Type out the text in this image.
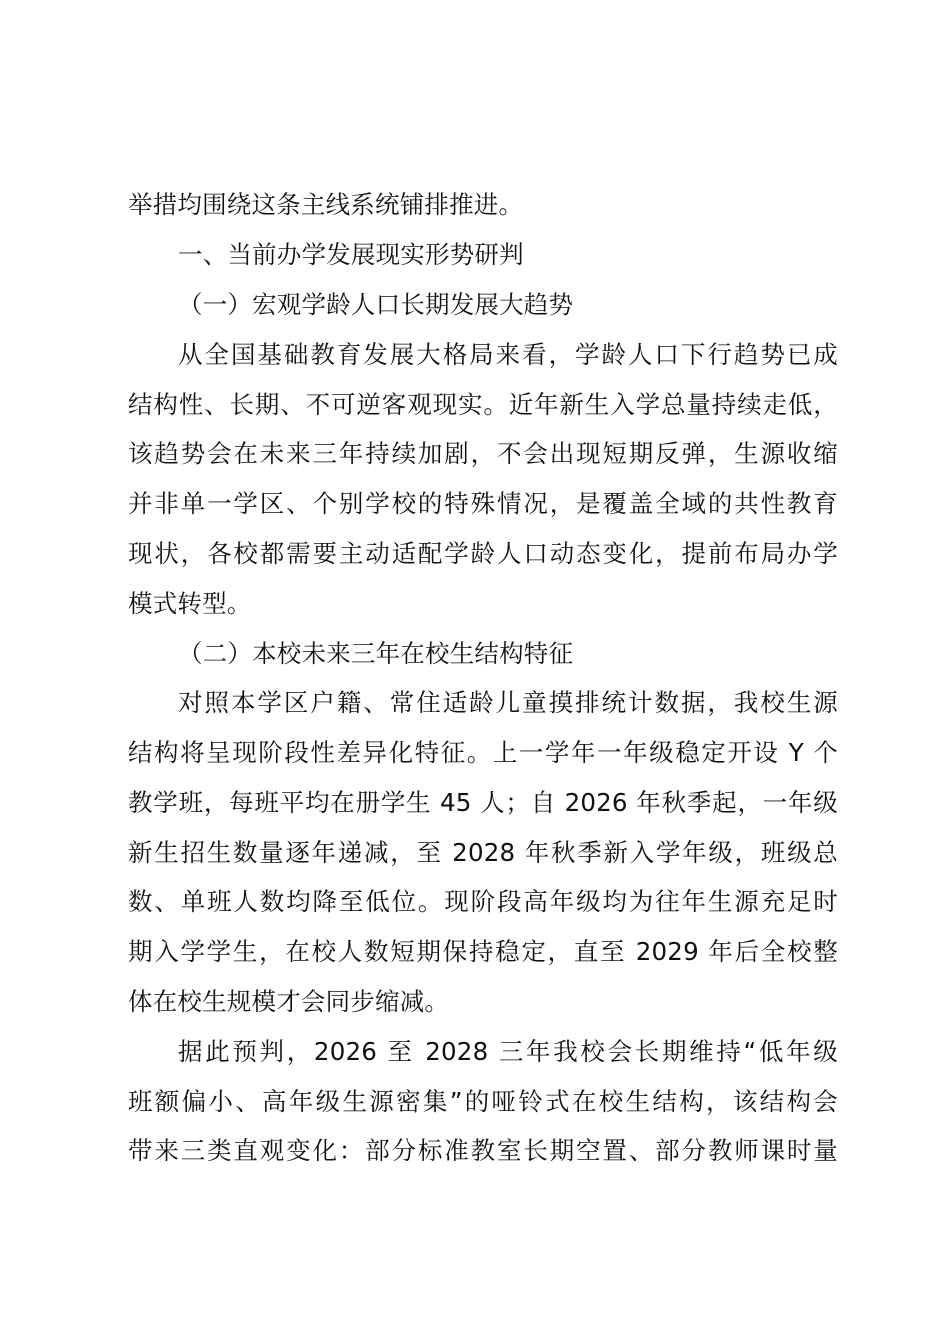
举措均围绕这条主线系统铺排推进。
一、当前办学发展现实形势研判
（一）宏观学龄人口长期发展大趋势
从全国基础教育发展大格局来看，学龄人口下行趋势已成
结构性、长期、不可逆客观现实。近年新生入学总量持续走低，
该趋势会在未来三年持续加剧，不会出现短期反弹，生源收缩
并非单一学区、个别学校的特殊情况，是覆盖全域的共性教育
现状，各校都需要主动适配学龄人口动态变化，提前布局办学
模式转型。
（二）本校未来三年在校生结构特征
对照本学区户籍、常住适龄儿童摸排统计数据，我校生源
结构将呈现阶段性差异化特征。上一学年一年级稳定开设 Y 个
教学班，每班平均在册学生 45 人；自 2026 年秋季起，一年级
新生招生数量逐年递减，至 2028 年秋季新入学年级，班级总
数、单班人数均降至低位。现阶段高年级均为往年生源充足时
期入学学生，在校人数短期保持稳定，直至 2029 年后全校整
体在校生规模才会同步缩减。
据此预判，2026 至 2028 三年我校会长期维持“低年级
班额偏小、高年级生源密集”的哑铃式在校生结构，该结构会
带来三类直观变化：部分标准教室长期空置、部分教师课时量
